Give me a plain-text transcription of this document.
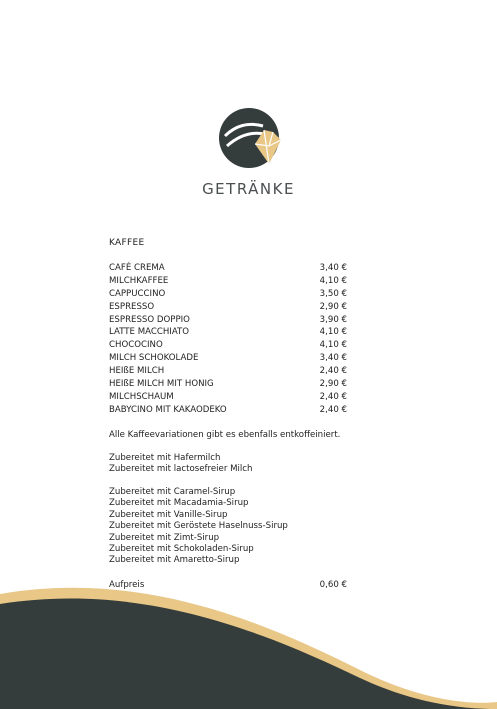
GETRÄNKE
KAFFEE
CAFÉ CREMA	3,40 €
MILCHKAFFEE	4,10 €
CAPPUCCINO	3,50 €
ESPRESSO	2,90 €
ESPRESSO DOPPIO	3,90 €
LATTE MACCHIATO	4,10 €
CHOCOCINO	4,10 €
MILCH SCHOKOLADE	3,40 €
HEIßE MILCH	2,40 €
HEIßE MILCH MIT HONIG	2,90 €
MILCHSCHAUM	2,40 €
BABYCINO MIT KAKAODEKO	2,40 €
Alle Kaffeevariationen gibt es ebenfalls entkoffeiniert.
Zubereitet mit Hafermilch
Zubereitet mit lactosefreier Milch
Zubereitet mit Caramel-Sirup
Zubereitet mit Macadamia-Sirup
Zubereitet mit Vanille-Sirup
Zubereitet mit Geröstete Haselnuss-Sirup
Zubereitet mit Zimt-Sirup
Zubereitet mit Schokoladen-Sirup
Zubereitet mit Amaretto-Sirup
Aufpreis	0,60 €
